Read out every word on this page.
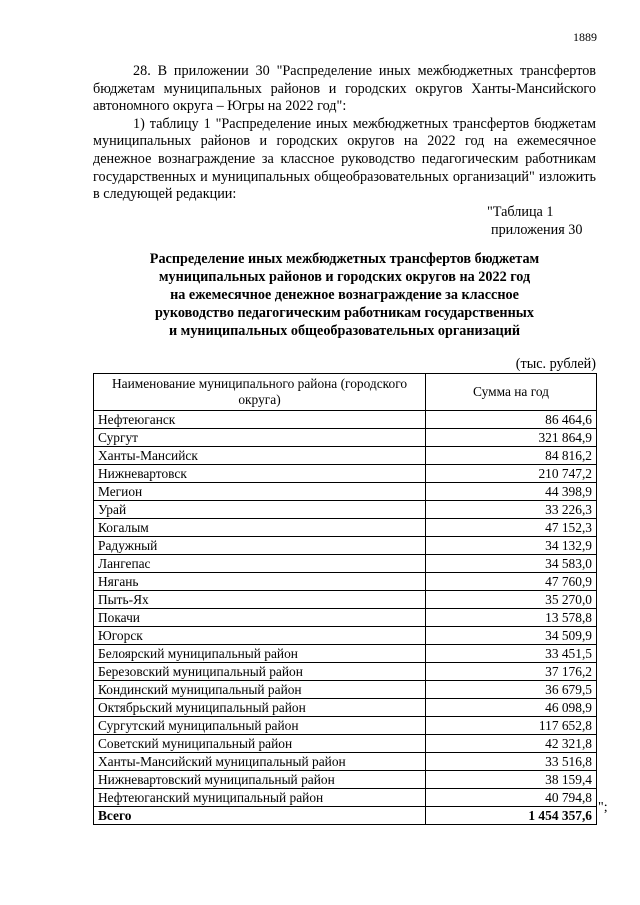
1889

28. В приложении 30 "Распределение иных межбюджетных трансфертов бюджетам муниципальных районов и городских округов Ханты-Мансийского автономного округа – Югры на 2022 год":

1) таблицу 1 "Распределение иных межбюджетных трансфертов бюджетам муниципальных районов и городских округов на 2022 год на ежемесячное денежное вознаграждение за классное руководство педагогическим работникам государственных и муниципальных общеобразовательных организаций" изложить в следующей редакции:

"Таблица 1
приложения 30
Распределение иных межбюджетных трансфертов бюджетам
муниципальных районов и городских округов на 2022 год
на ежемесячное денежное вознаграждение за классное
руководство педагогическим работникам государственных
и муниципальных общеобразовательных организаций
(тыс. рублей)
Наименование муниципального района (городского округа)	Сумма на год
Нефтеюганск	86 464,6
Сургут	321 864,9
Ханты-Мансийск	84 816,2
Нижневартовск	210 747,2
Мегион	44 398,9
Урай	33 226,3
Когалым	47 152,3
Радужный	34 132,9
Лангепас	34 583,0
Нягань	47 760,9
Пыть-Ях	35 270,0
Покачи	13 578,8
Югорск	34 509,9
Белоярский муниципальный район	33 451,5
Березовский муниципальный район	37 176,2
Кондинский муниципальный район	36 679,5
Октябрьский муниципальный район	46 098,9
Сургутский муниципальный район	117 652,8
Советский муниципальный район	42 321,8
Ханты-Мансийский муниципальный район	33 516,8
Нижневартовский муниципальный район	38 159,4
Нефтеюганский муниципальный район	40 794,8
Всего	1 454 357,6 ";
